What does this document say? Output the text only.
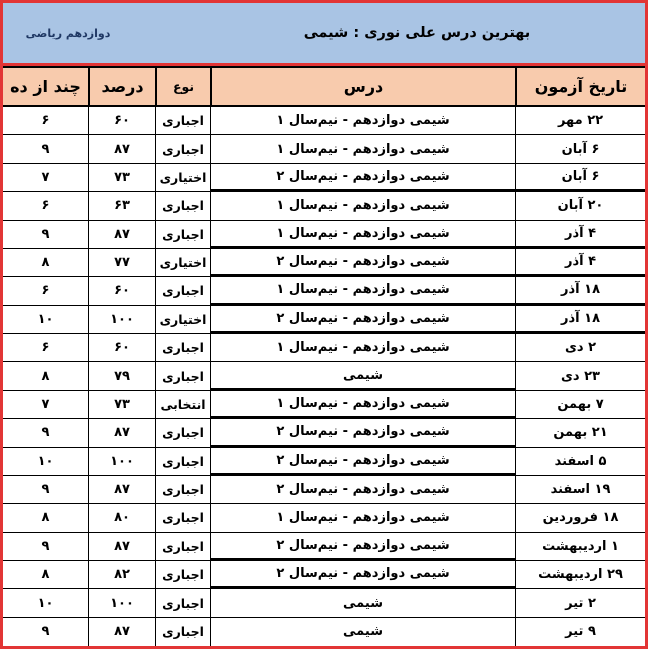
بهترین درس علی نوری : شیمی
دوازدهم ریاضی
تاریخ آزمون
درس
نوع
درصد
چند از ده
۲۲ مهر
شیمی دوازدهم - نیم‌سال ۱
اجباری
۶۰
۶
۶ آبان
شیمی دوازدهم - نیم‌سال ۱
اجباری
۸۷
۹
۶ آبان
شیمی دوازدهم - نیم‌سال ۲
اختیاری
۷۳
۷
۲۰ آبان
شیمی دوازدهم - نیم‌سال ۱
اجباری
۶۳
۶
۴ آذر
شیمی دوازدهم - نیم‌سال ۱
اجباری
۸۷
۹
۴ آذر
شیمی دوازدهم - نیم‌سال ۲
اختیاری
۷۷
۸
۱۸ آذر
شیمی دوازدهم - نیم‌سال ۱
اجباری
۶۰
۶
۱۸ آذر
شیمی دوازدهم - نیم‌سال ۲
اختیاری
۱۰۰
۱۰
۲ دی
شیمی دوازدهم - نیم‌سال ۱
اجباری
۶۰
۶
۲۳ دی
شیمی
اجباری
۷۹
۸
۷ بهمن
شیمی دوازدهم - نیم‌سال ۱
انتخابی
۷۳
۷
۲۱ بهمن
شیمی دوازدهم - نیم‌سال ۲
اجباری
۸۷
۹
۵ اسفند
شیمی دوازدهم - نیم‌سال ۲
اجباری
۱۰۰
۱۰
۱۹ اسفند
شیمی دوازدهم - نیم‌سال ۲
اجباری
۸۷
۹
۱۸ فروردین
شیمی دوازدهم - نیم‌سال ۱
اجباری
۸۰
۸
۱ اردیبهشت
شیمی دوازدهم - نیم‌سال ۲
اجباری
۸۷
۹
۲۹ اردیبهشت
شیمی دوازدهم - نیم‌سال ۲
اجباری
۸۲
۸
۲ تیر
شیمی
اجباری
۱۰۰
۱۰
۹ تیر
شیمی
اجباری
۸۷
۹
